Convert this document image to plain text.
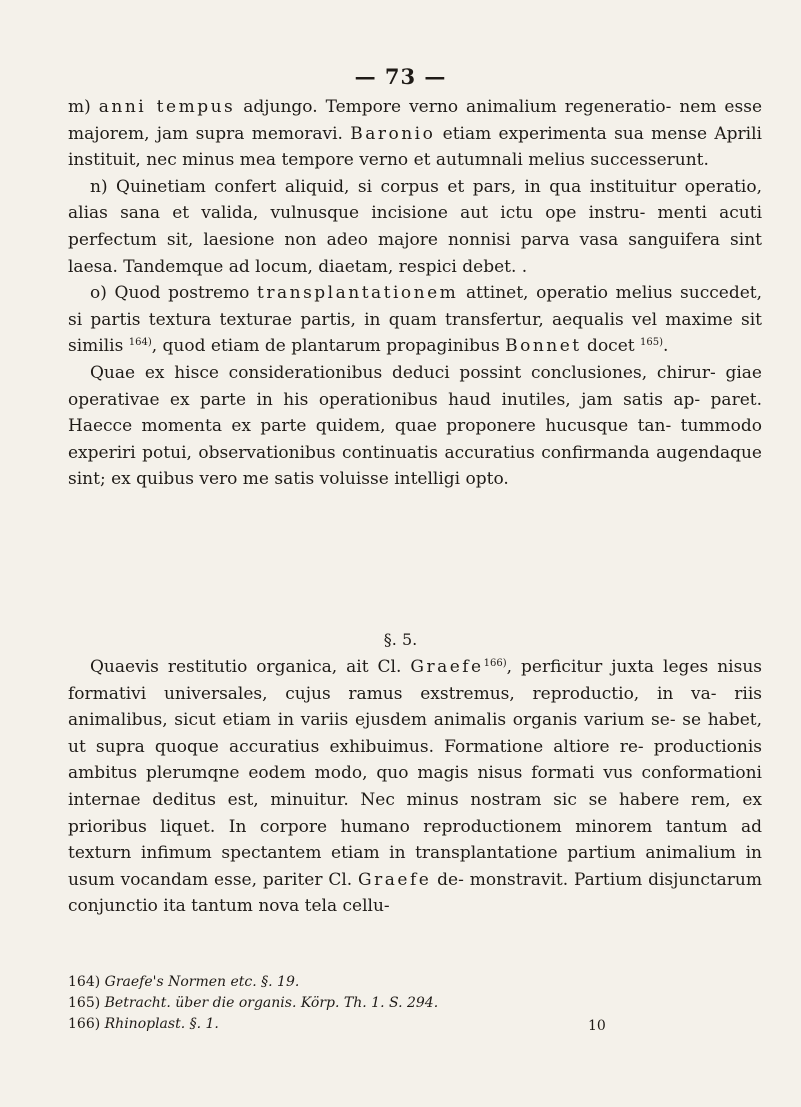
— 73 —

m) anni tempus adjungo. Tempore verno animalium regeneratio- nem esse majorem, jam supra memoravi. Baronio etiam experimenta sua mense Aprili instituit, nec minus mea tempore verno et autumnali melius successerunt.

n) Quinetiam confert aliquid, si corpus et pars, in qua instituitur operatio, alias sana et valida, vulnusque incisione aut ictu ope instru- menti acuti perfectum sit, laesione non adeo majore nonnisi parva vasa sanguifera sint laesa. Tandemque ad locum, diaetam, respici debet. .

o) Quod postremo transplantationem attinet, operatio melius succedet, si partis textura texturae partis, in quam transfertur, aequalis vel maxime sit similis $^{164)}$, quod etiam de plantarum propaginibus Bonnet docet $^{165)}$.

Quae ex hisce considerationibus deduci possint conclusiones, chirur- giae operativae ex parte in his operationibus haud inutiles, jam satis ap- paret. Haecce momenta ex parte quidem, quae proponere hucusque tan- tummodo experiri potui, observationibus continuatis accuratius confirmanda augendaque sint; ex quibus vero me satis voluisse intelligi opto.

§. 5.

Quaevis restitutio organica, ait Cl. Graefe$^{166)}$, perficitur juxta leges nisus formativi universales, cujus ramus exstremus, reproductio, in va- riis animalibus, sicut etiam in variis ejusdem animalis organis varium se- se habet, ut supra quoque accuratius exhibuimus. Formatione altiore re- productionis ambitus plerumqne eodem modo, quo magis nisus formati vus conformationi internae deditus est, minuitur. Nec minus nostram sic se habere rem, ex prioribus liquet. In corpore humano reproductionem minorem tantum ad texturn infimum spectantem etiam in transplantatione partium animalium in usum vocandam esse, pariter Cl. Graefe de- monstravit. Partium disjunctarum conjunctio ita tantum nova tela cellu-

164) Graefe's Normen etc. §. 19.
165) Betracht. über die organis. Körp. Th. 1. S. 294.
166) Rhinoplast. §. 1.	10
